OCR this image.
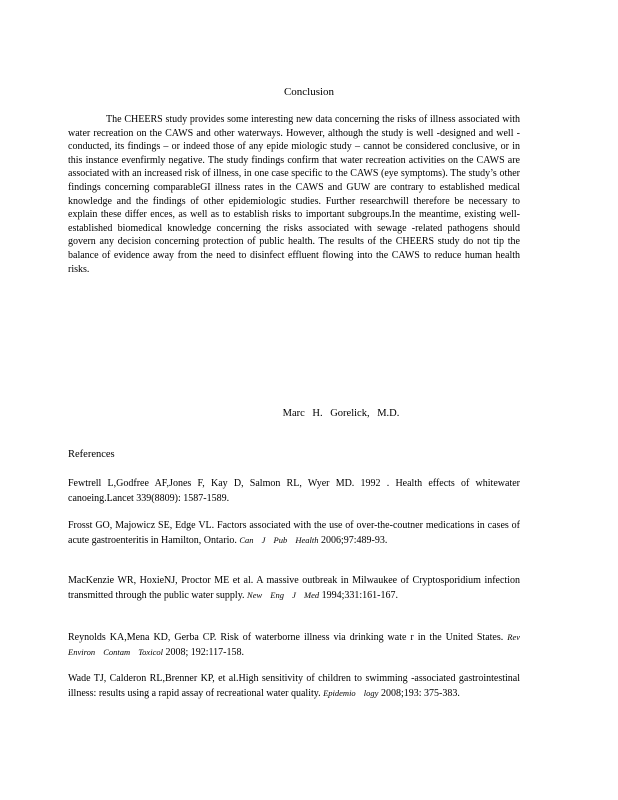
Conclusion

The CHEERS study provides some interesting new data concerning the risks of illness associated with water recreation on the CAWS and other waterways. However, although the study is well -designed and well -conducted, its findings – or indeed those of any epide miologic study – cannot be considered conclusive, or in this instance evenfirmly negative. The study findings confirm that water recreation activities on the CAWS are associated with an increased risk of illness, in one case specific to the CAWS (eye symptoms). The study’s other findings concerning comparableGI illness rates in the CAWS and GUW are contrary to established medical knowledge and the findings of other epidemiologic studies. Further researchwill therefore be necessary to explain these differ ences, as well as to establish risks to important subgroups.In the meantime, existing well-established biomedical knowledge concerning the risks associated with sewage -related pathogens should govern any decision concerning protection of public health. The results of the CHEERS study do not tip the balance of evidence away from the need to disinfect effluent flowing into the CAWS to reduce human health risks.

Marc H. Gorelick, M.D.
References

Fewtrell L,Godfree AF,Jones F, Kay D, Salmon RL, Wyer MD. 1992 . Health effects of whitewater canoeing.Lancet 339(8809): 1587-1589.

Frosst GO, Majowicz SE, Edge VL. Factors associated with the use of over-the-coutner medications in cases of acute gastroenteritis in Hamilton, Ontario. Can J Pub Health 2006;97:489-93.

MacKenzie WR, HoxieNJ, Proctor ME et al. A massive outbreak in Milwaukee of Cryptosporidium infection transmitted through the public water supply. New Eng J Med 1994;331:161-167.

Reynolds KA,Mena KD, Gerba CP. Risk of waterborne illness via drinking wate r in the United States. Rev Environ Contam Toxicol 2008; 192:117-158.

Wade TJ, Calderon RL,Brenner KP, et al.High sensitivity of children to swimming -associated gastrointestinal illness: results using a rapid assay of recreational water quality. Epidemio logy 2008;193: 375-383.
